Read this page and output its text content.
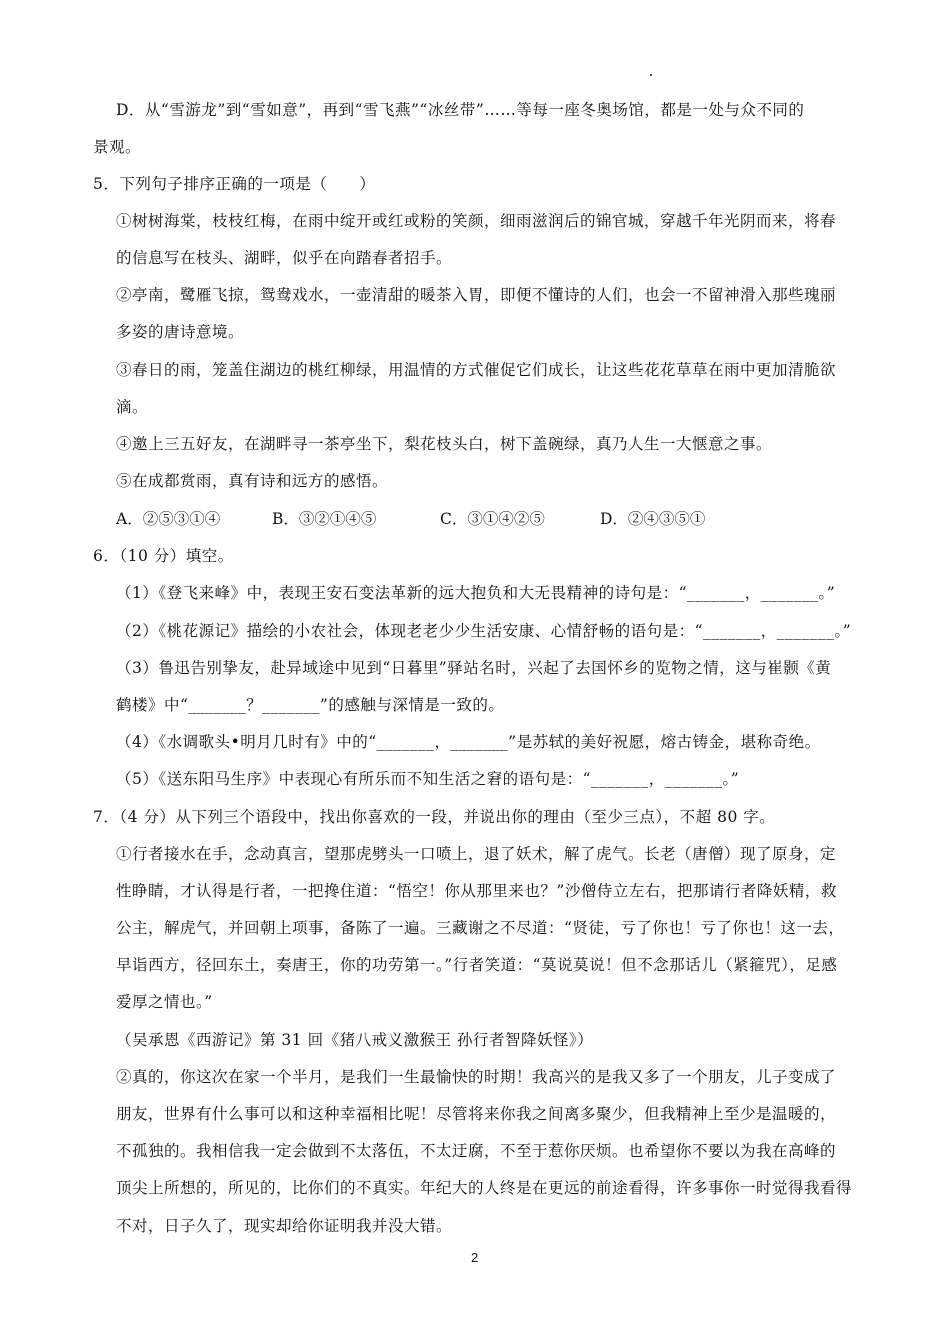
D．从“雪游龙”到“雪如意”，再到“雪飞燕”“冰丝带”……等每一座冬奥场馆，都是一处与众不同的
景观。
5．下列句子排序正确的一项是（　　）
①树树海棠，枝枝红梅，在雨中绽开或红或粉的笑颜，细雨滋润后的锦官城，穿越千年光阴而来，将春
的信息写在枝头、湖畔，似乎在向踏春者招手。
②亭南，鹭雁飞掠，鸳鸯戏水，一壶清甜的暖茶入胃，即便不懂诗的人们，也会一不留神滑入那些瑰丽
多姿的唐诗意境。
③春日的雨，笼盖住湖边的桃红柳绿，用温情的方式催促它们成长，让这些花花草草在雨中更加清脆欲
滴。
④邀上三五好友，在湖畔寻一茶亭坐下，梨花枝头白，树下盖碗绿，真乃人生一大惬意之事。
⑤在成都赏雨，真有诗和远方的感悟。
A．②⑤③①④	B．③②①④⑤	C．③①④②⑤	D．②④③⑤①
6．（10 分）填空。
（1）《登飞来峰》中，表现王安石变法革新的远大抱负和大无畏精神的诗句是：“_______，_______。”
（2）《桃花源记》描绘的小农社会，体现老老少少生活安康、心情舒畅的语句是：“_______，_______。”
（3）鲁迅告别挚友，赴异域途中见到“日暮里”驿站名时，兴起了去国怀乡的览物之情，这与崔颢《黄
鹤楼》中“_______？_______”的感触与深情是一致的。
（4）《水调歌头•明月几时有》中的“_______，_______”是苏轼的美好祝愿，熔古铸金，堪称奇绝。
（5）《送东阳马生序》中表现心有所乐而不知生活之窘的语句是：“_______，_______。”
7．（4 分）从下列三个语段中，找出你喜欢的一段，并说出你的理由（至少三点），不超 80 字。
①行者接水在手，念动真言，望那虎劈头一口喷上，退了妖术，解了虎气。长老（唐僧）现了原身，定
性睁睛，才认得是行者，一把搀住道：“悟空！你从那里来也？”沙僧侍立左右，把那请行者降妖精，救
公主，解虎气，并回朝上项事，备陈了一遍。三藏谢之不尽道：“贤徒，亏了你也！亏了你也！这一去，
早诣西方，径回东土，奏唐王，你的功劳第一。”行者笑道：“莫说莫说！但不念那话儿（紧箍咒），足感
爱厚之情也。”
（吴承恩《西游记》第 31 回《猪八戒义激猴王 孙行者智降妖怪》）
②真的，你这次在家一个半月，是我们一生最愉快的时期！我高兴的是我又多了一个朋友，儿子变成了
朋友，世界有什么事可以和这种幸福相比呢！尽管将来你我之间离多聚少，但我精神上至少是温暖的，
不孤独的。我相信我一定会做到不太落伍，不太迂腐，不至于惹你厌烦。也希望你不要以为我在高峰的
顶尖上所想的，所见的，比你们的不真实。年纪大的人终是在更远的前途看得，许多事你一时觉得我看得
不对，日子久了，现实却给你证明我并没大错。
2
